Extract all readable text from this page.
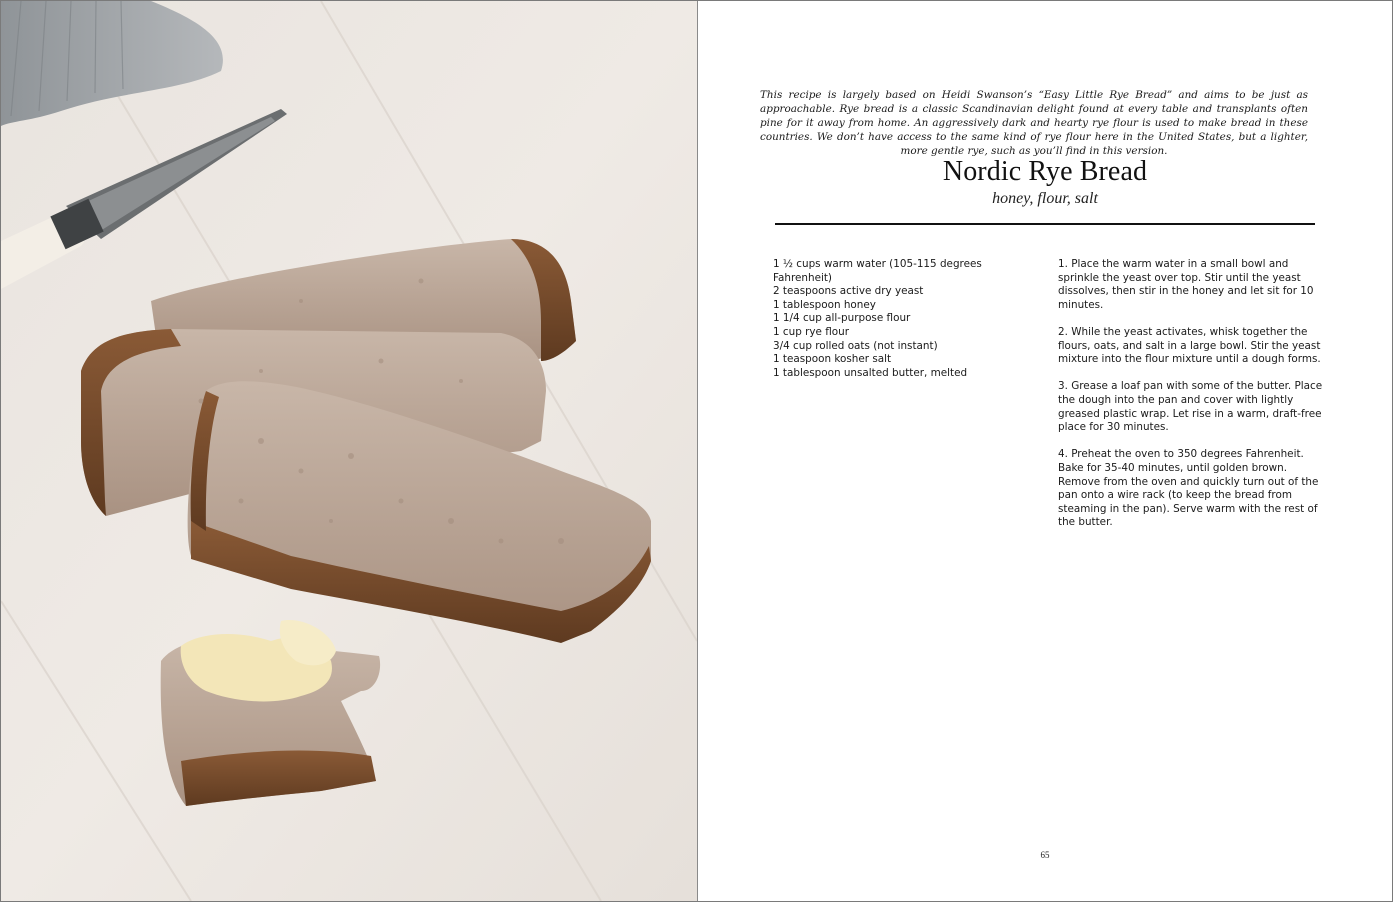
This recipe is largely based on Heidi Swanson’s “Easy Little Rye Bread” and aims to be just as approachable. Rye bread is a classic Scandinavian delight found at every table and transplants often pine for it away from home. An aggressively dark and hearty rye flour is used to make bread in these countries. We don’t have access to the same kind of rye flour here in the United States, but a lighter, more gentle rye, such as you’ll find in this version.
Nordic Rye Bread
honey, flour, salt
1 ½ cups warm water (105-115 degrees Fahrenheit)
2 teaspoons active dry yeast
1 tablespoon honey
1 1/4 cup all-purpose flour
1 cup rye flour
3/4 cup rolled oats (not instant)
1 teaspoon kosher salt
1 tablespoon unsalted butter, melted

1. Place the warm water in a small bowl and sprinkle the yeast over top. Stir until the yeast dissolves, then stir in the honey and let sit for 10 minutes.

2. While the yeast activates, whisk together the flours, oats, and salt in a large bowl. Stir the yeast mixture into the flour mixture until a dough forms.

3. Grease a loaf pan with some of the butter. Place the dough into the pan and cover with lightly greased plastic wrap. Let rise in a warm, draft-free place for 30 minutes.

4. Preheat the oven to 350 degrees Fahrenheit. Bake for 35-40 minutes, until golden brown. Remove from the oven and quickly turn out of the pan onto a wire rack (to keep the bread from steaming in the pan). Serve warm with the rest of the butter.

65
